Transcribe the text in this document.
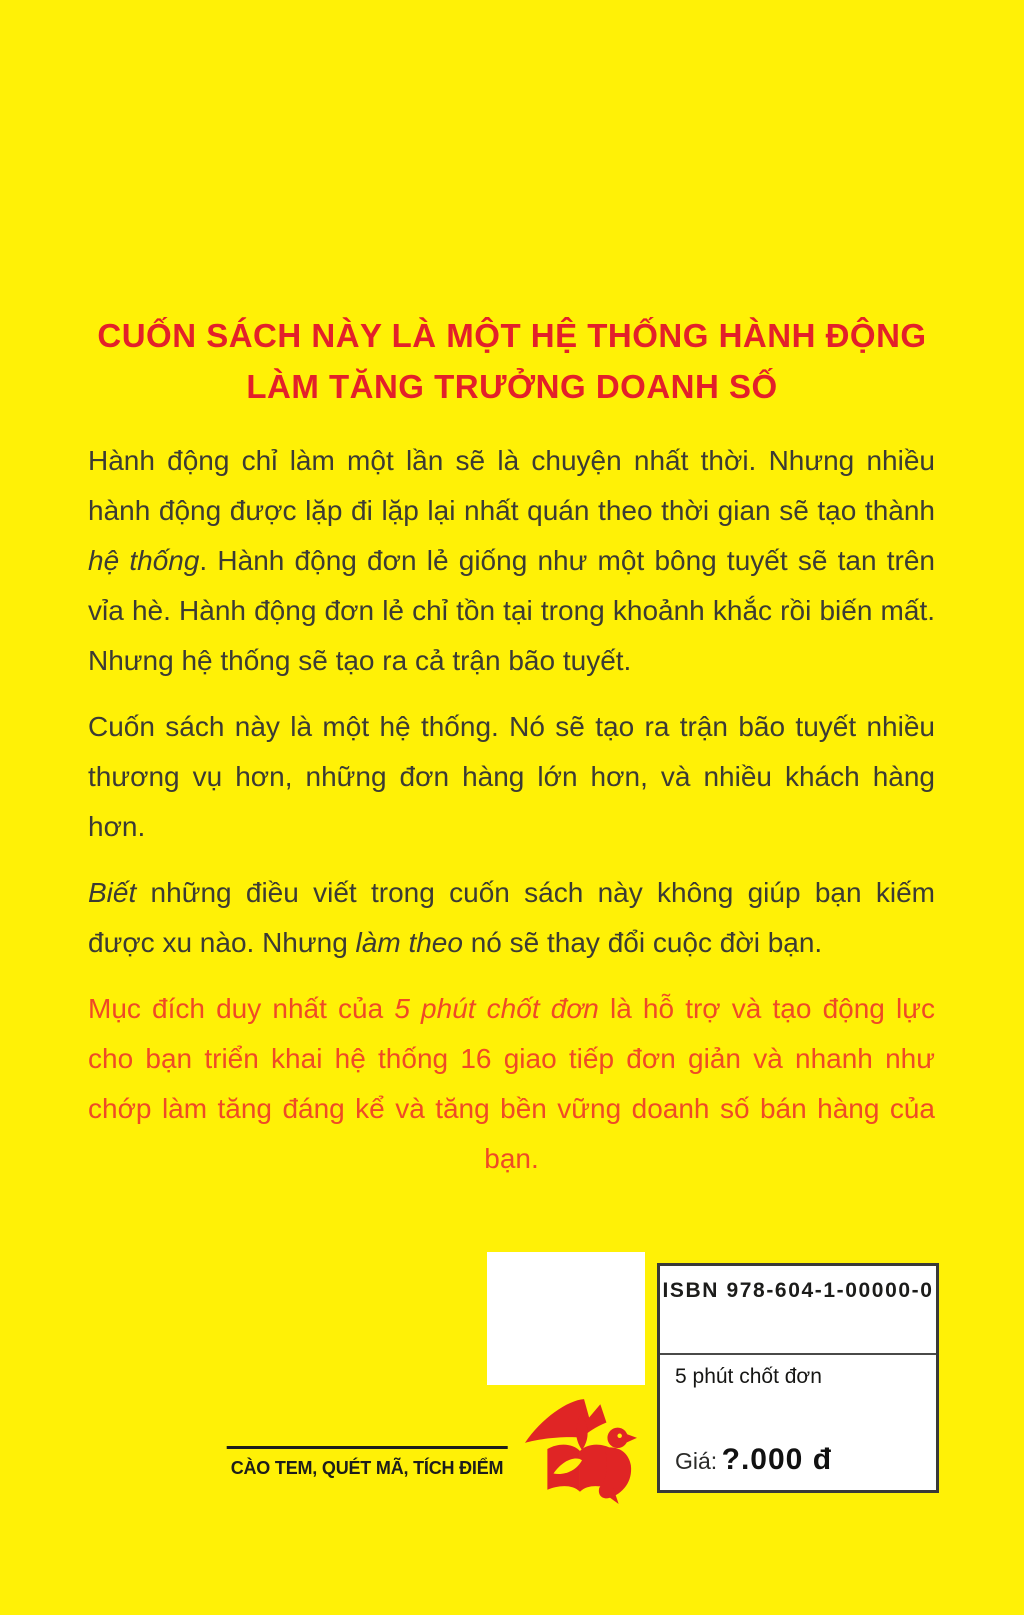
CUỐN SÁCH NÀY LÀ MỘT HỆ THỐNG HÀNH ĐỘNG
LÀM TĂNG TRƯỞNG DOANH SỐ

Hành động chỉ làm một lần sẽ là chuyện nhất thời. Nhưng nhiều hành động được lặp đi lặp lại nhất quán theo thời gian sẽ tạo thành hệ thống. Hành động đơn lẻ giống như một bông tuyết sẽ tan trên vỉa hè. Hành động đơn lẻ chỉ tồn tại trong khoảnh khắc rồi biến mất. Nhưng hệ thống sẽ tạo ra cả trận bão tuyết.

Cuốn sách này là một hệ thống. Nó sẽ tạo ra trận bão tuyết nhiều thương vụ hơn, những đơn hàng lớn hơn, và nhiều khách hàng hơn.

Biết những điều viết trong cuốn sách này không giúp bạn kiếm được xu nào. Nhưng làm theo nó sẽ thay đổi cuộc đời bạn.

Mục đích duy nhất của 5 phút chốt đơn là hỗ trợ và tạo động lực cho bạn triển khai hệ thống 16 giao tiếp đơn giản và nhanh như chớp làm tăng đáng kể và tăng bền vững doanh số bán hàng của bạn.

ISBN 978-604-1-00000-0
5 phút chốt đơn
Giá: ?.000 đ
CÀO TEM, QUÉT MÃ, TÍCH ĐIỂM
